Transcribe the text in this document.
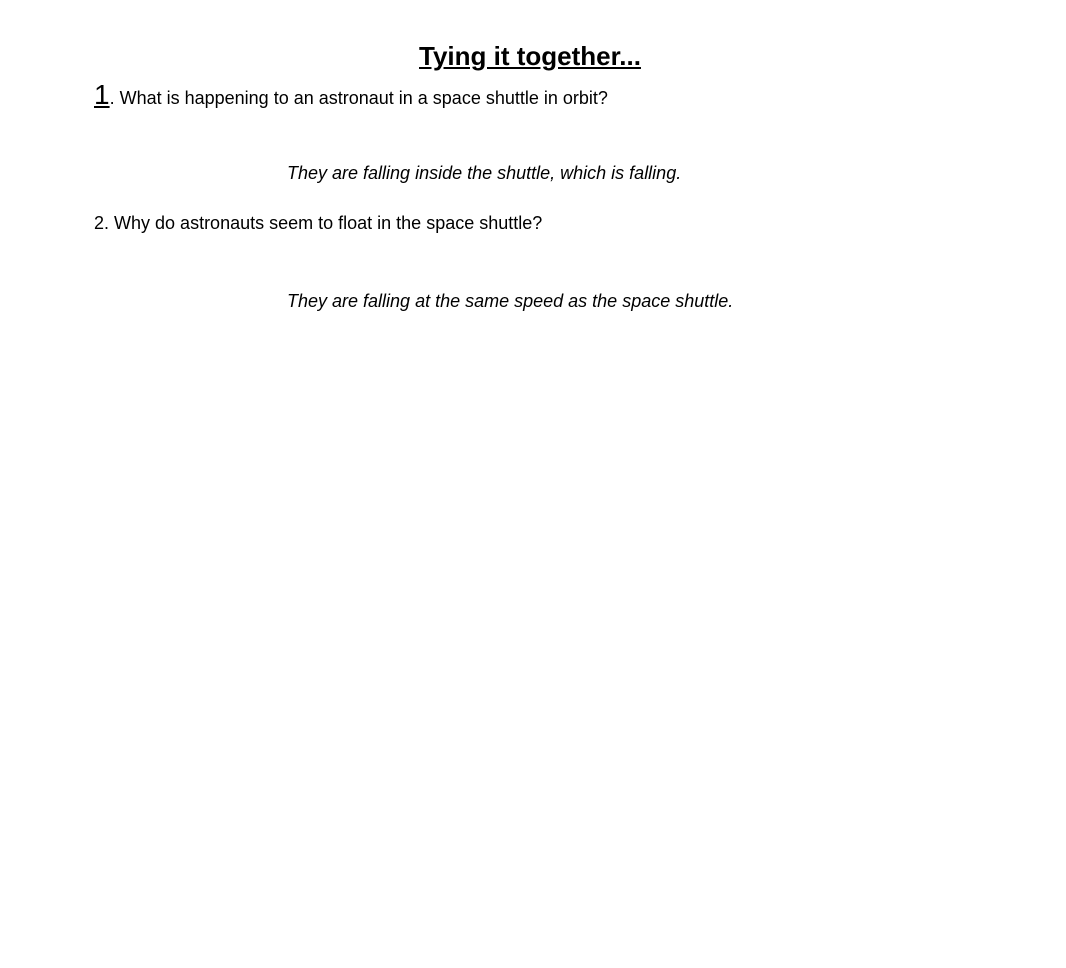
Tying it together...
1. What is happening to an astronaut in a space shuttle in orbit?
They are falling inside the shuttle, which is falling.
2. Why do astronauts seem to float in the space shuttle?
They are falling at the same speed as the space shuttle.
